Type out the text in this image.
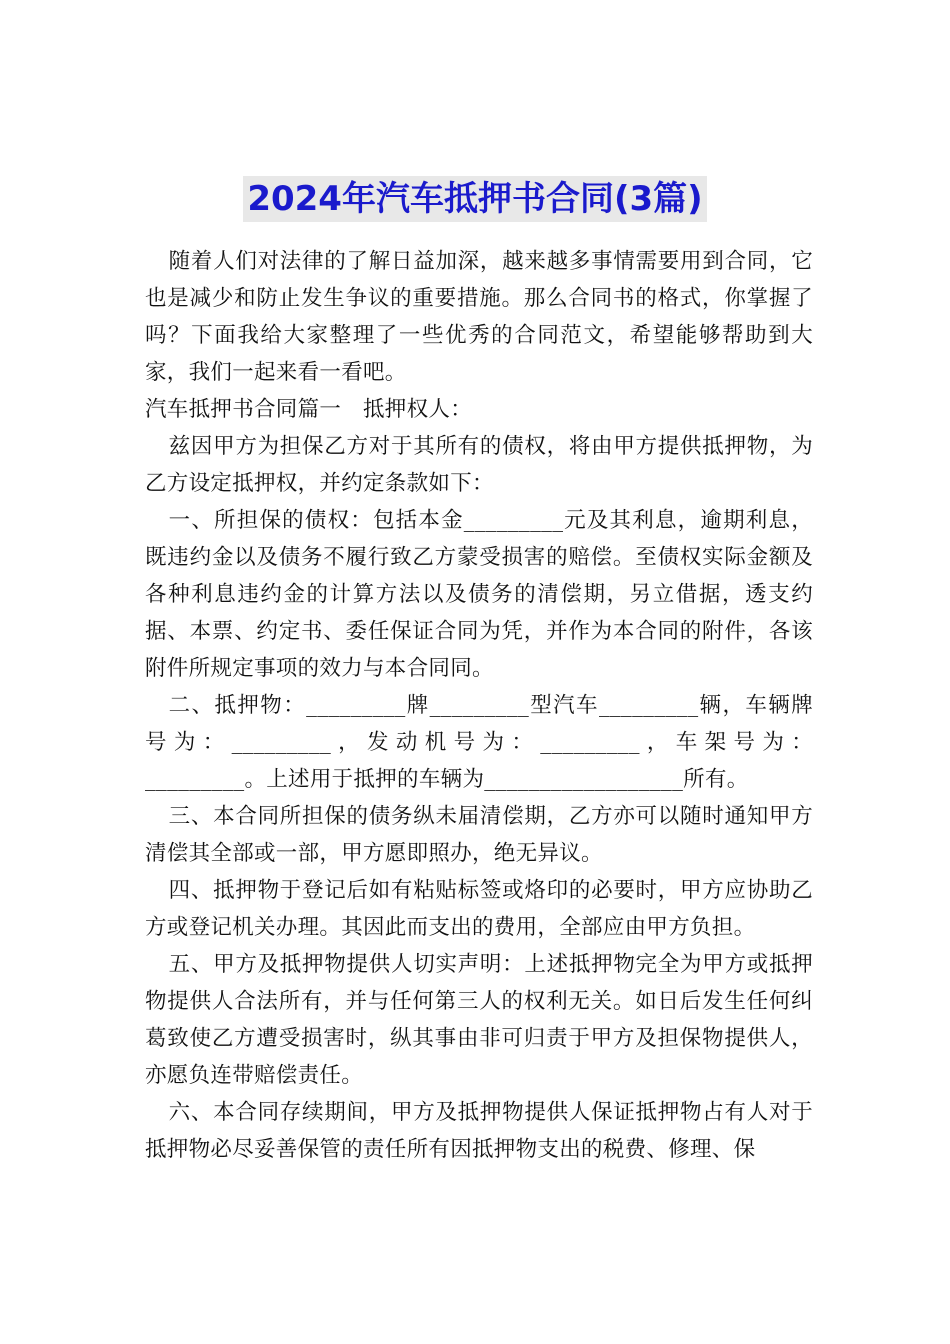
2024年汽车抵押书合同(3篇)

随着人们对法律的了解日益加深，越来越多事情需要用到合同，它也是减少和防止发生争议的重要措施。那么合同书的格式，你掌握了吗？下面我给大家整理了一些优秀的合同范文，希望能够帮助到大家，我们一起来看一看吧。

汽车抵押书合同篇一　抵押权人：

兹因甲方为担保乙方对于其所有的债权，将由甲方提供抵押物，为乙方设定抵押权，并约定条款如下：

一、所担保的债权：包括本金_________元及其利息，逾期利息，既违约金以及债务不履行致乙方蒙受损害的赔偿。至债权实际金额及各种利息违约金的计算方法以及债务的清偿期，另立借据，透支约据、本票、约定书、委任保证合同为凭，并作为本合同的附件，各该附件所规定事项的效力与本合同同。

二、抵押物：_________牌_________型汽车_________辆，车辆牌号为：_________，发动机号为：_________，车架号为：_________。上述用于抵押的车辆为__________________所有。

三、本合同所担保的债务纵未届清偿期，乙方亦可以随时通知甲方清偿其全部或一部，甲方愿即照办，绝无异议。

四、抵押物于登记后如有粘贴标签或烙印的必要时，甲方应协助乙方或登记机关办理。其因此而支出的费用，全部应由甲方负担。

五、甲方及抵押物提供人切实声明：上述抵押物完全为甲方或抵押物提供人合法所有，并与任何第三人的权利无关。如日后发生任何纠葛致使乙方遭受损害时，纵其事由非可归责于甲方及担保物提供人，亦愿负连带赔偿责任。

六、本合同存续期间，甲方及抵押物提供人保证抵押物占有人对于抵押物必尽妥善保管的责任所有因抵押物支出的税费、修理、保
